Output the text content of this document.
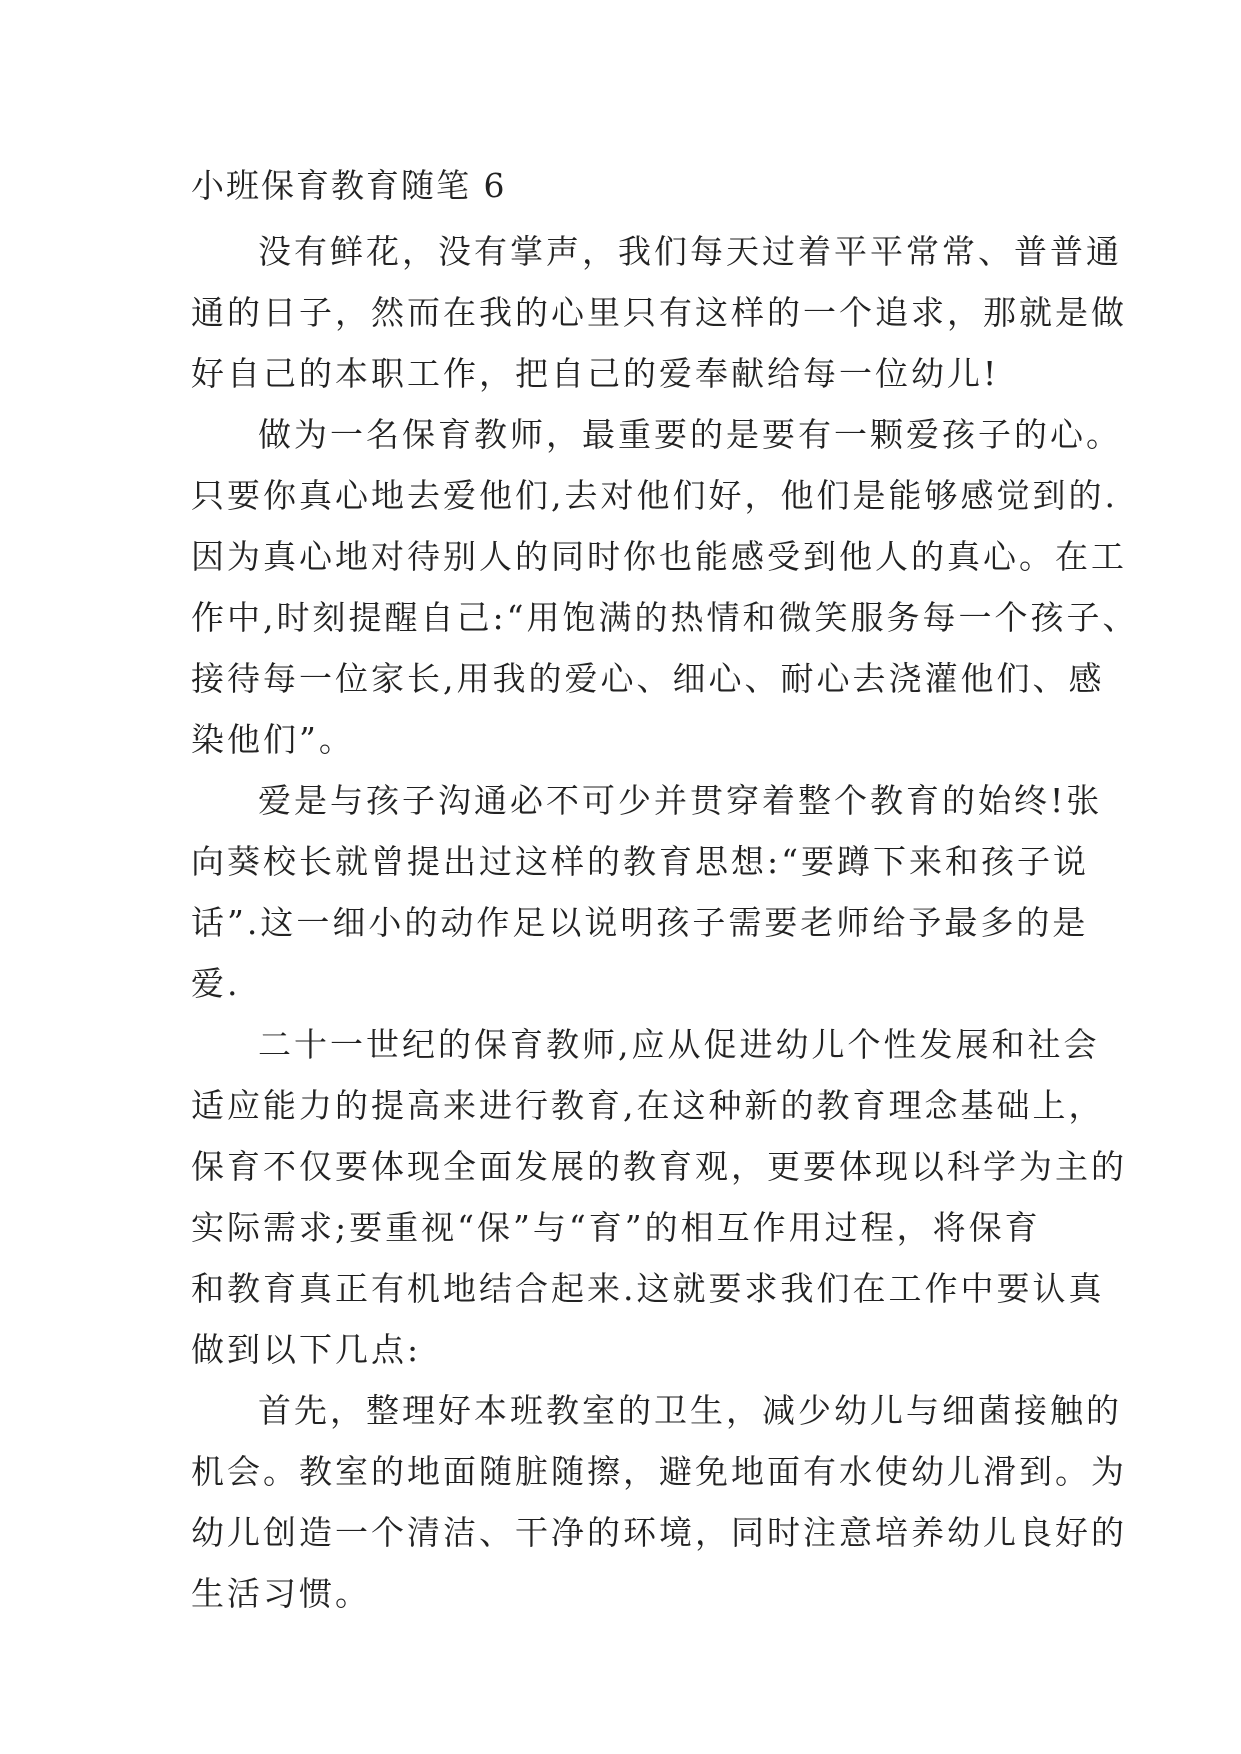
小班保育教育随笔 6
没有鲜花，没有掌声，我们每天过着平平常常、普普通
通的日子，然而在我的心里只有这样的一个追求，那就是做
好自己的本职工作，把自己的爱奉献给每一位幼儿!
做为一名保育教师，最重要的是要有一颗爱孩子的心。
只要你真心地去爱他们,去对他们好，他们是能够感觉到的.
因为真心地对待别人的同时你也能感受到他人的真心。在工
作中,时刻提醒自己:“用饱满的热情和微笑服务每一个孩子、
接待每一位家长,用我的爱心、细心、耐心去浇灌他们、感
染他们”。
爱是与孩子沟通必不可少并贯穿着整个教育的始终!张
向葵校长就曾提出过这样的教育思想:“要蹲下来和孩子说
话”.这一细小的动作足以说明孩子需要老师给予最多的是
爱.
二十一世纪的保育教师,应从促进幼儿个性发展和社会
适应能力的提高来进行教育,在这种新的教育理念基础上，
保育不仅要体现全面发展的教育观，更要体现以科学为主的
实际需求;要重视“保”与“育”的相互作用过程，将保育
和教育真正有机地结合起来.这就要求我们在工作中要认真
做到以下几点:
首先，整理好本班教室的卫生，减少幼儿与细菌接触的
机会。教室的地面随脏随擦，避免地面有水使幼儿滑到。为
幼儿创造一个清洁、干净的环境，同时注意培养幼儿良好的
生活习惯。
